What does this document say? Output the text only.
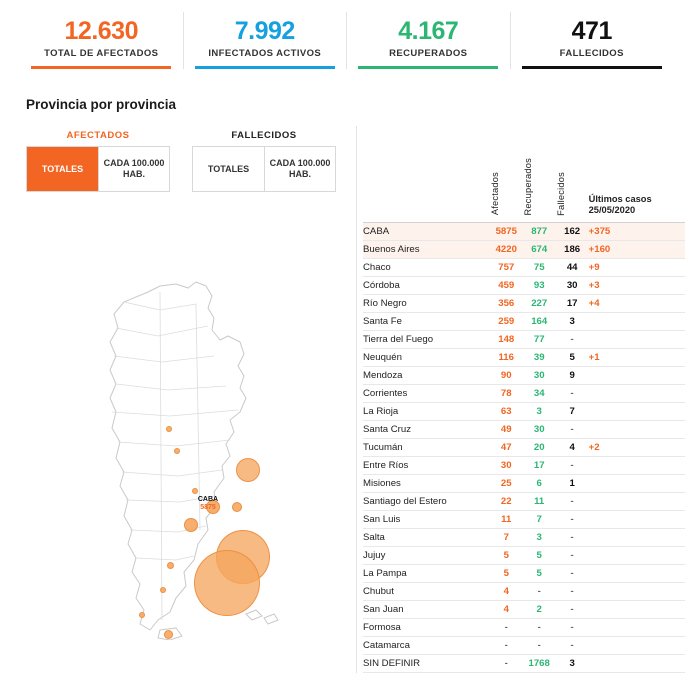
12.630
TOTAL DE AFECTADOS
7.992
INFECTADOS ACTIVOS
4.167
RECUPERADOS
471
FALLECIDOS
Provincia por provincia
AFECTADOS
TOTALES
CADA 100.000 HAB.
FALLECIDOS
TOTALES
CADA 100.000 HAB.
CABA
5875

	Afectados	Recuperados	Fallecidos	Últimos casos
25/05/2020

CABA	5875	877	162	+375
Buenos Aires	4220	674	186	+160
Chaco	757	75	44	+9
Córdoba	459	93	30	+3
Río Negro	356	227	17	+4
Santa Fe	259	164	3	
Tierra del Fuego	148	77	-	
Neuquén	116	39	5	+1
Mendoza	90	30	9	
Corrientes	78	34	-	
La Rioja	63	3	7	
Santa Cruz	49	30	-	
Tucumán	47	20	4	+2
Entre Ríos	30	17	-	
Misiones	25	6	1	
Santiago del Estero	22	11	-	
San Luis	11	7	-	
Salta	7	3	-	
Jujuy	5	5	-	
La Pampa	5	5	-	
Chubut	4	-	-	
San Juan	4	2	-	
Formosa	-	-	-	
Catamarca	-	-	-	
SIN DEFINIR	-	1768	3	
